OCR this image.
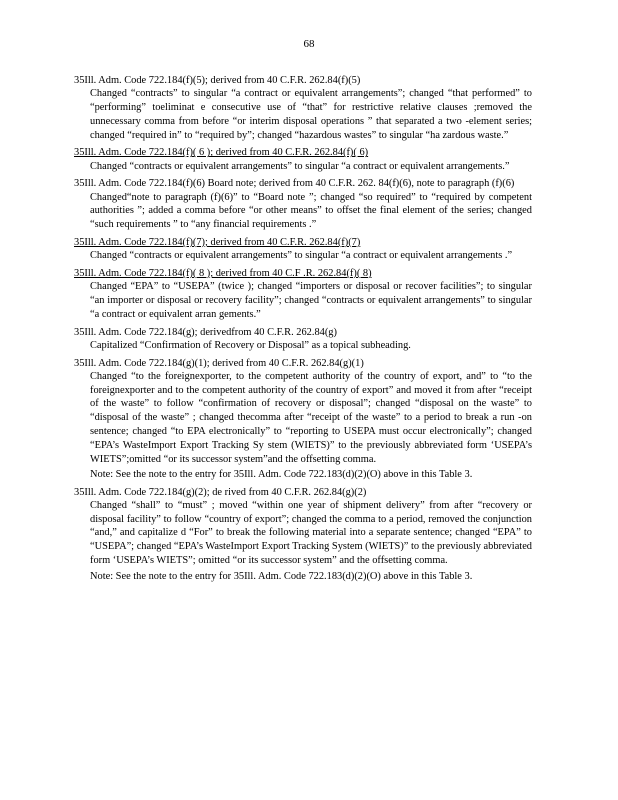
68
35Ill. Adm. Code 722.184(f)(5); derived from 40 C.F.R. 262.84(f)(5)
Changed “contracts” to singular “a contract or equivalent arrangements”; changed “that performed” to “performing” toeliminat e consecutive use of “that” for restrictive relative clauses ;removed the unnecessary comma from before “or interim disposal operations ” that separated a two -element series; changed “required in” to “required by”; changed “hazardous wastes” to singular “ha zardous waste.”
35Ill. Adm. Code 722.184(f)( 6 ); derived from 40 C.F.R. 262.84(f)( 6)
Changed “contracts or equivalent arrangements” to singular “a contract or equivalent arrangements.”
35Ill. Adm. Code 722.184(f)(6) Board note; derived from 40 C.F.R. 262. 84(f)(6), note to paragraph (f)(6)
Changed“note to paragraph (f)(6)” to “Board note ”; changed “so required” to “required by competent authorities ”; added a comma before “or other means” to offset the final element of the series; changed “such requirements ” to “any financial requirements .”
35Ill. Adm. Code 722.184(f)(7); derived from 40 C.F.R. 262.84(f)(7)
Changed “contracts or equivalent arrangements” to singular “a contract or equivalent arrangements .”
35Ill. Adm. Code 722.184(f)( 8 ); derived from 40 C.F .R. 262.84(f)( 8)
Changed “EPA” to “USEPA” (twice ); changed “importers or disposal or recover facilities”; to singular “an importer or disposal or recovery facility”; changed “contracts or equivalent arrangements” to singular “a contract or equivalent arran gements.”
35Ill. Adm. Code 722.184(g); derivedfrom 40 C.F.R. 262.84(g)
Capitalized “Confirmation of Recovery or Disposal” as a topical subheading.
35Ill. Adm. Code 722.184(g)(1); derived from 40 C.F.R. 262.84(g)(1)
Changed “to the foreignexporter, to the competent authority of the country of export, and” to “to the foreignexporter and to the competent authority of the country of export” and moved it from after “receipt of the waste” to follow “confirmation of recovery or disposal”; changed “disposal on the waste” to “disposal of the waste” ; changed thecomma after “receipt of the waste” to a period to break a run -on sentence; changed “to EPA electronically” to “reporting to USEPA must occur electronically”; changed “EPA’s WasteImport Export Tracking Sy stem (WIETS)” to the previously abbreviated form ‘USEPA’s WIETS”;omitted “or its successor system”and the offsetting comma.
Note: See the note to the entry for 35Ill. Adm. Code 722.183(d)(2)(O) above in this Table 3.
35Ill. Adm. Code 722.184(g)(2); de rived from 40 C.F.R. 262.84(g)(2)
Changed “shall” to “must” ; moved “within one year of shipment delivery” from after “recovery or disposal facility” to follow “country of export”; changed the comma to a period, removed the conjunction “and,” and capitalize d “For” to break the following material into a separate sentence; changed “EPA” to “USEPA”; changed “EPA’s WasteImport Export Tracking System (WIETS)” to the previously abbreviated form ‘USEPA’s WIETS”; omitted “or its successor system” and the offsetting comma.
Note: See the note to the entry for 35Ill. Adm. Code 722.183(d)(2)(O) above in this Table 3.
